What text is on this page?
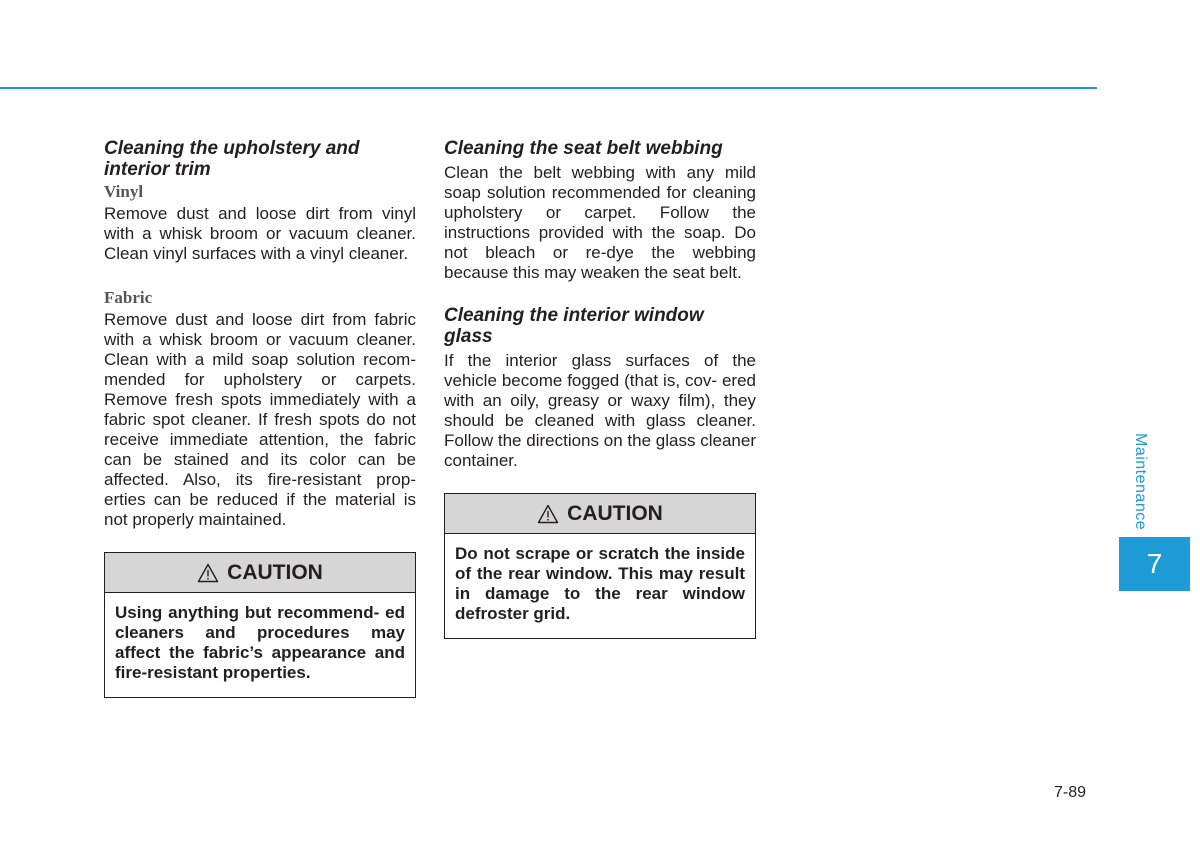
Cleaning the upholstery and interior trim
Vinyl

Remove dust and loose dirt from vinyl with a whisk broom or vacuum cleaner. Clean vinyl surfaces with a vinyl cleaner.

Fabric

Remove dust and loose dirt from fabric with a whisk broom or vacuum cleaner. Clean with a mild soap solution recom- mended for upholstery or carpets. Remove fresh spots immediately with a fabric spot cleaner. If fresh spots do not receive immediate attention, the fabric can be stained and its color can be affected. Also, its fire-resistant prop- erties can be reduced if the material is not properly maintained.

CAUTION
Using anything but recommend- ed cleaners and procedures may affect the fabric’s appearance and fire-resistant properties.
Cleaning the seat belt webbing

Clean the belt webbing with any mild soap solution recommended for cleaning upholstery or carpet. Follow the instructions provided with the soap. Do not bleach or re-dye the webbing because this may weaken the seat belt.

Cleaning the interior window glass

If the interior glass surfaces of the vehicle become fogged (that is, cov- ered with an oily, greasy or waxy film), they should be cleaned with glass cleaner. Follow the directions on the glass cleaner container.

CAUTION
Do not scrape or scratch the inside of the rear window. This may result in damage to the rear window defroster grid.
Maintenance
7
7-89
